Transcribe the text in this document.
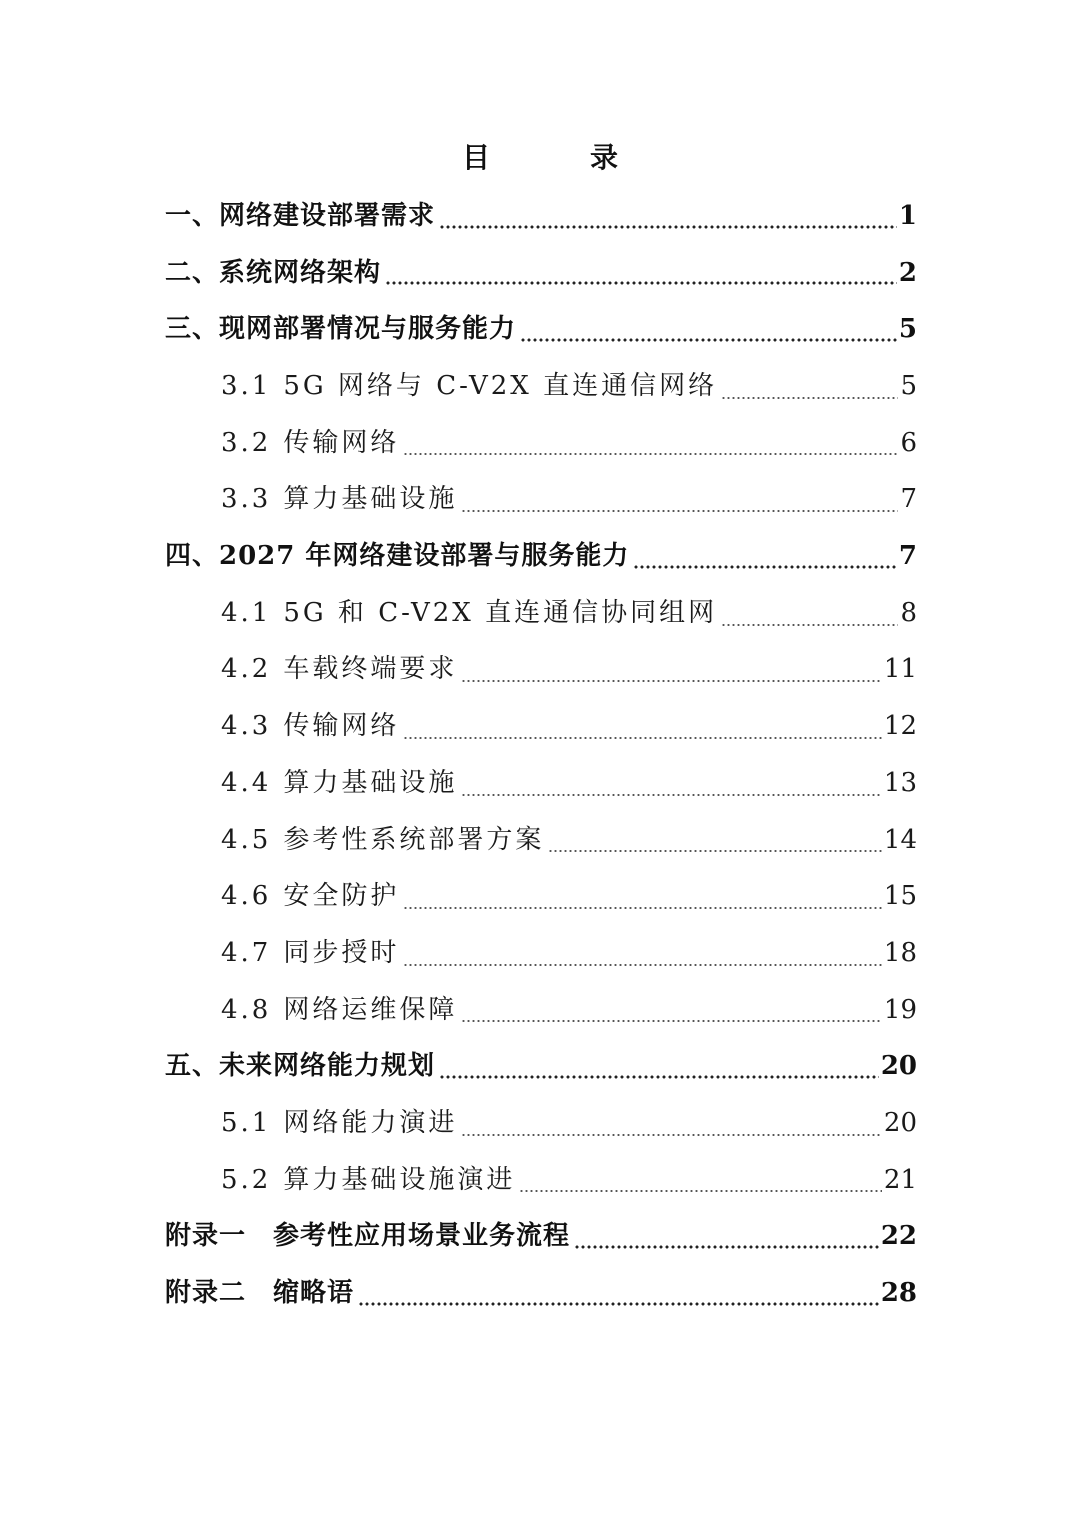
目　录
一、网络建设部署需求	1
二、系统网络架构	2
三、现网部署情况与服务能力	5
3.1 5G 网络与 C-V2X 直连通信网络	5
3.2 传输网络	6
3.3 算力基础设施	7
四、2027 年网络建设部署与服务能力	7
4.1 5G 和 C-V2X 直连通信协同组网	8
4.2 车载终端要求	11
4.3 传输网络	12
4.4 算力基础设施	13
4.5 参考性系统部署方案	14
4.6 安全防护	15
4.7 同步授时	18
4.8 网络运维保障	19
五、未来网络能力规划	20
5.1 网络能力演进	20
5.2 算力基础设施演进	21
附录一　参考性应用场景业务流程	22
附录二　缩略语	28
